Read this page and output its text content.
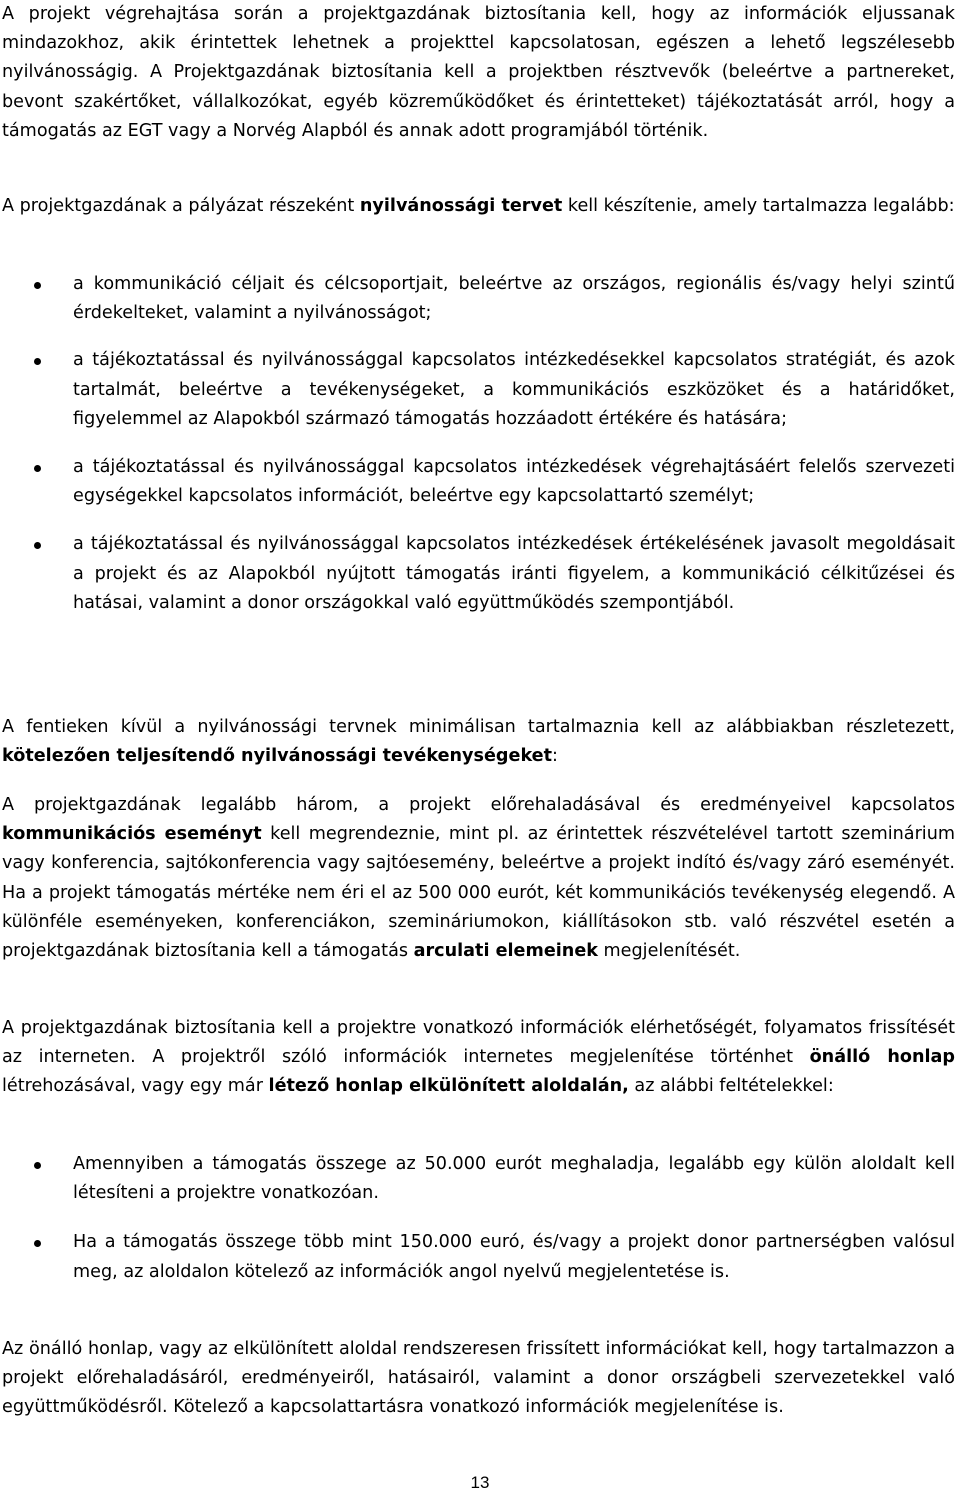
A projekt végrehajtása során a projektgazdának biztosítania kell, hogy az információk eljussanak mindazokhoz, akik érintettek lehetnek a projekttel kapcsolatosan, egészen a lehető legszélesebb nyilvánosságig. A Projektgazdának biztosítania kell a projektben résztvevők (beleértve a partnereket, bevont szakértőket, vállalkozókat, egyéb közreműködőket és érintetteket) tájékoztatását arról, hogy a támogatás az EGT vagy a Norvég Alapból és annak adott programjából történik.

A projektgazdának a pályázat részeként nyilvánossági tervet kell készítenie, amely tartalmazza legalább:

a kommunikáció céljait és célcsoportjait, beleértve az országos, regionális és/vagy helyi szintű érdekelteket, valamint a nyilvánosságot;
a tájékoztatással és nyilvánossággal kapcsolatos intézkedésekkel kapcsolatos stratégiát, és azok tartalmát, beleértve a tevékenységeket, a kommunikációs eszközöket és a határidőket, figyelemmel az Alapokból származó támogatás hozzáadott értékére és hatására;
a tájékoztatással és nyilvánossággal kapcsolatos intézkedések végrehajtásáért felelős szervezeti egységekkel kapcsolatos információt, beleértve egy kapcsolattartó személyt;
a tájékoztatással és nyilvánossággal kapcsolatos intézkedések értékelésének javasolt megoldásait a projekt és az Alapokból nyújtott támogatás iránti figyelem, a kommunikáció célkitűzései és hatásai, valamint a donor országokkal való együttműködés szempontjából.

A fentieken kívül a nyilvánossági tervnek minimálisan tartalmaznia kell az alábbiakban részletezett, kötelezően teljesítendő nyilvánossági tevékenységeket:

A projektgazdának legalább három, a projekt előrehaladásával és eredményeivel kapcsolatos kommunikációs eseményt kell megrendeznie, mint pl. az érintettek részvételével tartott szeminárium vagy konferencia, sajtókonferencia vagy sajtóesemény, beleértve a projekt indító és/vagy záró eseményét. Ha a projekt támogatás mértéke nem éri el az 500 000 eurót, két kommunikációs tevékenység elegendő. A különféle eseményeken, konferenciákon, szemináriumokon, kiállításokon stb. való részvétel esetén a projektgazdának biztosítania kell a támogatás arculati elemeinek megjelenítését.

A projektgazdának biztosítania kell a projektre vonatkozó információk elérhetőségét, folyamatos frissítését az interneten. A projektről szóló információk internetes megjelenítése történhet önálló honlap létrehozásával, vagy egy már létező honlap elkülönített aloldalán, az alábbi feltételekkel:

Amennyiben a támogatás összege az 50.000 eurót meghaladja, legalább egy külön aloldalt kell létesíteni a projektre vonatkozóan.
Ha a támogatás összege több mint 150.000 euró, és/vagy a projekt donor partnerségben valósul meg, az aloldalon kötelező az információk angol nyelvű megjelentetése is.

Az önálló honlap, vagy az elkülönített aloldal rendszeresen frissített információkat kell, hogy tartalmazzon a projekt előrehaladásáról, eredményeiről, hatásairól, valamint a donor országbeli szervezetekkel való együttműködésről. Kötelező a kapcsolattartásra vonatkozó információk megjelenítése is.

13
